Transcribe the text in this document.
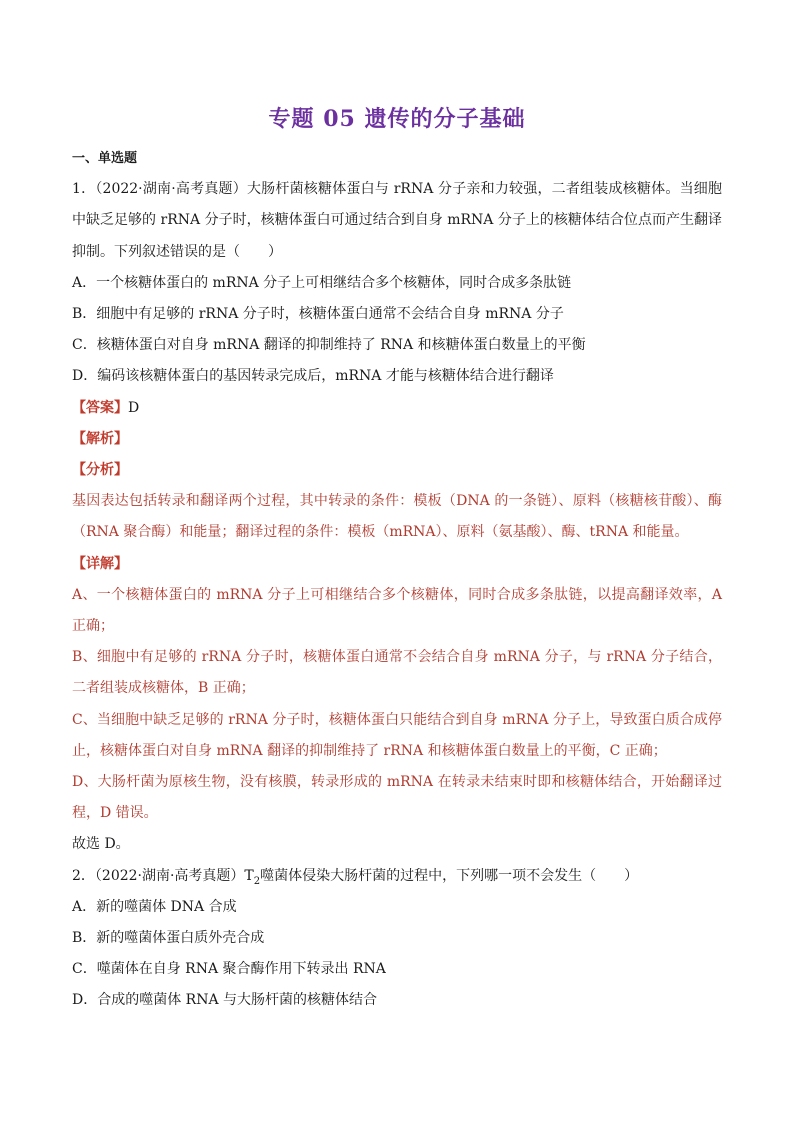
专题 05 遗传的分子基础

一、单选题

1．（2022·湖南·高考真题）大肠杆菌核糖体蛋白与 rRNA 分子亲和力较强，二者组装成核糖体。当细胞中缺乏足够的 rRNA 分子时，核糖体蛋白可通过结合到自身 mRNA 分子上的核糖体结合位点而产生翻译抑制。下列叙述错误的是（　　）

A．一个核糖体蛋白的 mRNA 分子上可相继结合多个核糖体，同时合成多条肽链

B．细胞中有足够的 rRNA 分子时，核糖体蛋白通常不会结合自身 mRNA 分子

C．核糖体蛋白对自身 mRNA 翻译的抑制维持了 RNA 和核糖体蛋白数量上的平衡

D．编码该核糖体蛋白的基因转录完成后，mRNA 才能与核糖体结合进行翻译

【答案】D

【解析】

【分析】

基因表达包括转录和翻译两个过程，其中转录的条件：模板（DNA 的一条链）、原料（核糖核苷酸）、酶（RNA 聚合酶）和能量；翻译过程的条件：模板（mRNA）、原料（氨基酸）、酶、tRNA 和能量。

【详解】

A、一个核糖体蛋白的 mRNA 分子上可相继结合多个核糖体，同时合成多条肽链，以提高翻译效率，A 正确；

B、细胞中有足够的 rRNA 分子时，核糖体蛋白通常不会结合自身 mRNA 分子，与 rRNA 分子结合，二者组装成核糖体，B 正确；

C、当细胞中缺乏足够的 rRNA 分子时，核糖体蛋白只能结合到自身 mRNA 分子上，导致蛋白质合成停止，核糖体蛋白对自身 mRNA 翻译的抑制维持了 rRNA 和核糖体蛋白数量上的平衡，C 正确；

D、大肠杆菌为原核生物，没有核膜，转录形成的 mRNA 在转录未结束时即和核糖体结合，开始翻译过程，D 错误。

故选 D。

2．（2022·湖南·高考真题）$T_2$噬菌体侵染大肠杆菌的过程中，下列哪一项不会发生（　　）

A．新的噬菌体 DNA 合成

B．新的噬菌体蛋白质外壳合成

C．噬菌体在自身 RNA 聚合酶作用下转录出 RNA

D．合成的噬菌体 RNA 与大肠杆菌的核糖体结合
